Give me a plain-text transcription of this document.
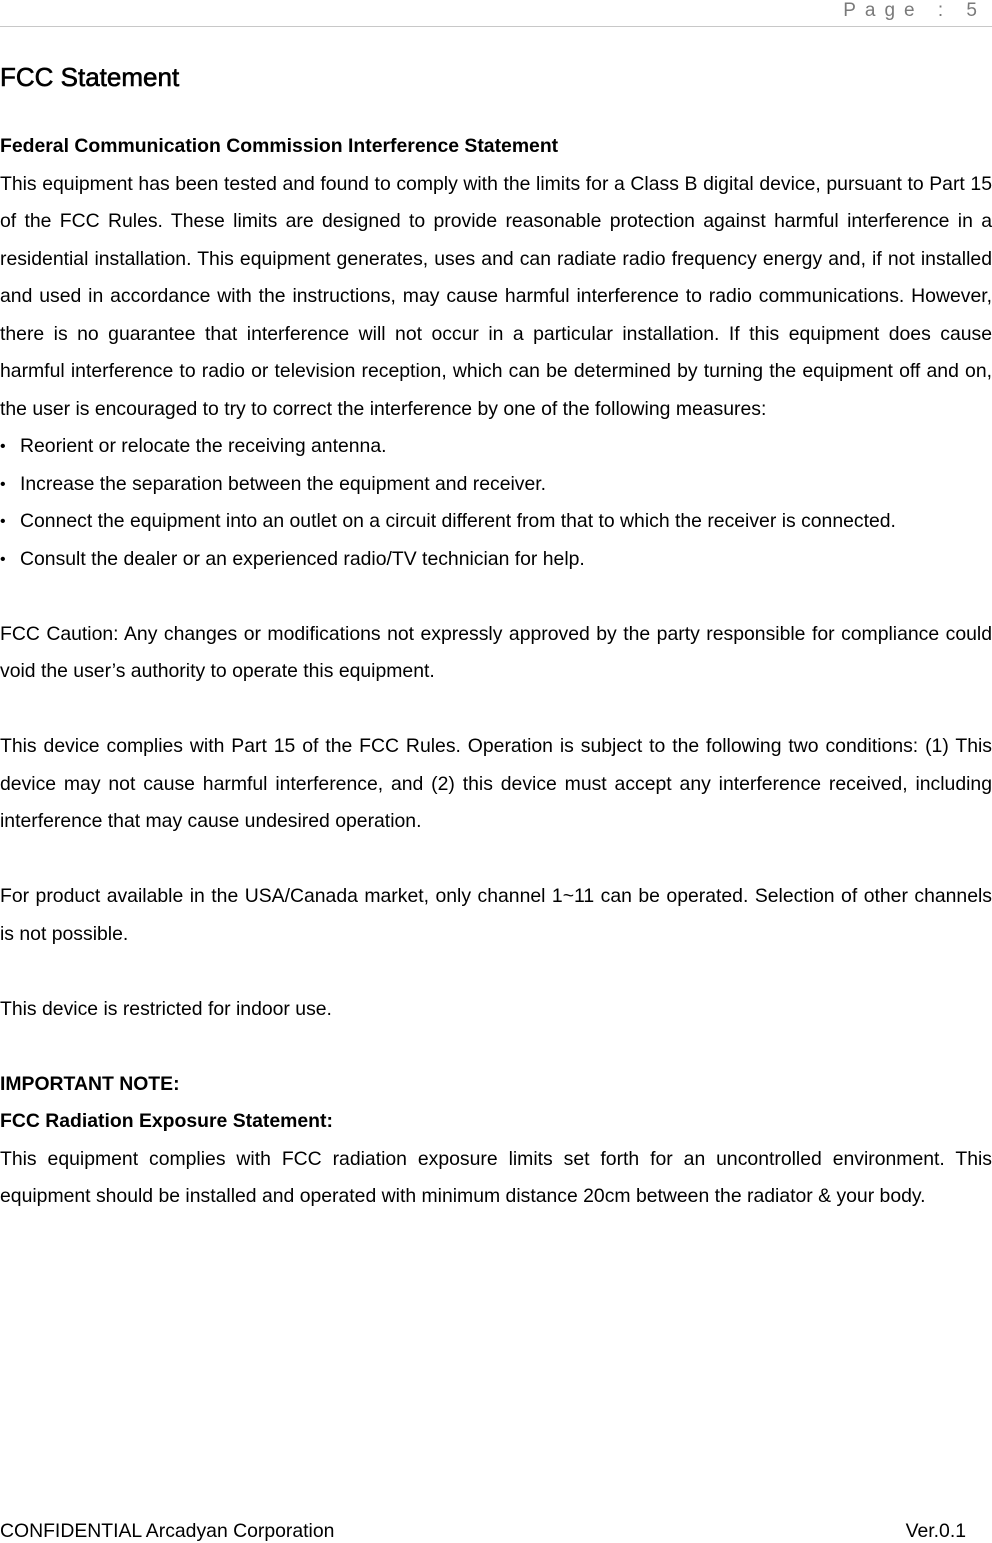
Page : 5
FCC Statement

Federal Communication Commission Interference Statement

This equipment has been tested and found to comply with the limits for a Class B digital device, pursuant to Part 15 of the FCC Rules. These limits are designed to provide reasonable protection against harmful interference in a residential installation. This equipment generates, uses and can radiate radio frequency energy and, if not installed and used in accordance with the instructions, may cause harmful interference to radio communications. However, there is no guarantee that interference will not occur in a particular installation. If this equipment does cause harmful interference to radio or television reception, which can be determined by turning the equipment off and on, the user is encouraged to try to correct the interference by one of the following measures:

• Reorient or relocate the receiving antenna.
• Increase the separation between the equipment and receiver.
• Connect the equipment into an outlet on a circuit different from that to which the receiver is connected.
• Consult the dealer or an experienced radio/TV technician for help.

FCC Caution: Any changes or modifications not expressly approved by the party responsible for compliance could void the user’s authority to operate this equipment.

This device complies with Part 15 of the FCC Rules. Operation is subject to the following two conditions: (1) This device may not cause harmful interference, and (2) this device must accept any interference received, including interference that may cause undesired operation.

For product available in the USA/Canada market, only channel 1~11 can be operated. Selection of other channels is not possible.

This device is restricted for indoor use.

IMPORTANT NOTE:

FCC Radiation Exposure Statement:

This equipment complies with FCC radiation exposure limits set forth for an uncontrolled environment. This equipment should be installed and operated with minimum distance 20cm between the radiator & your body.

CONFIDENTIAL Arcadyan Corporation	Ver.0.1
